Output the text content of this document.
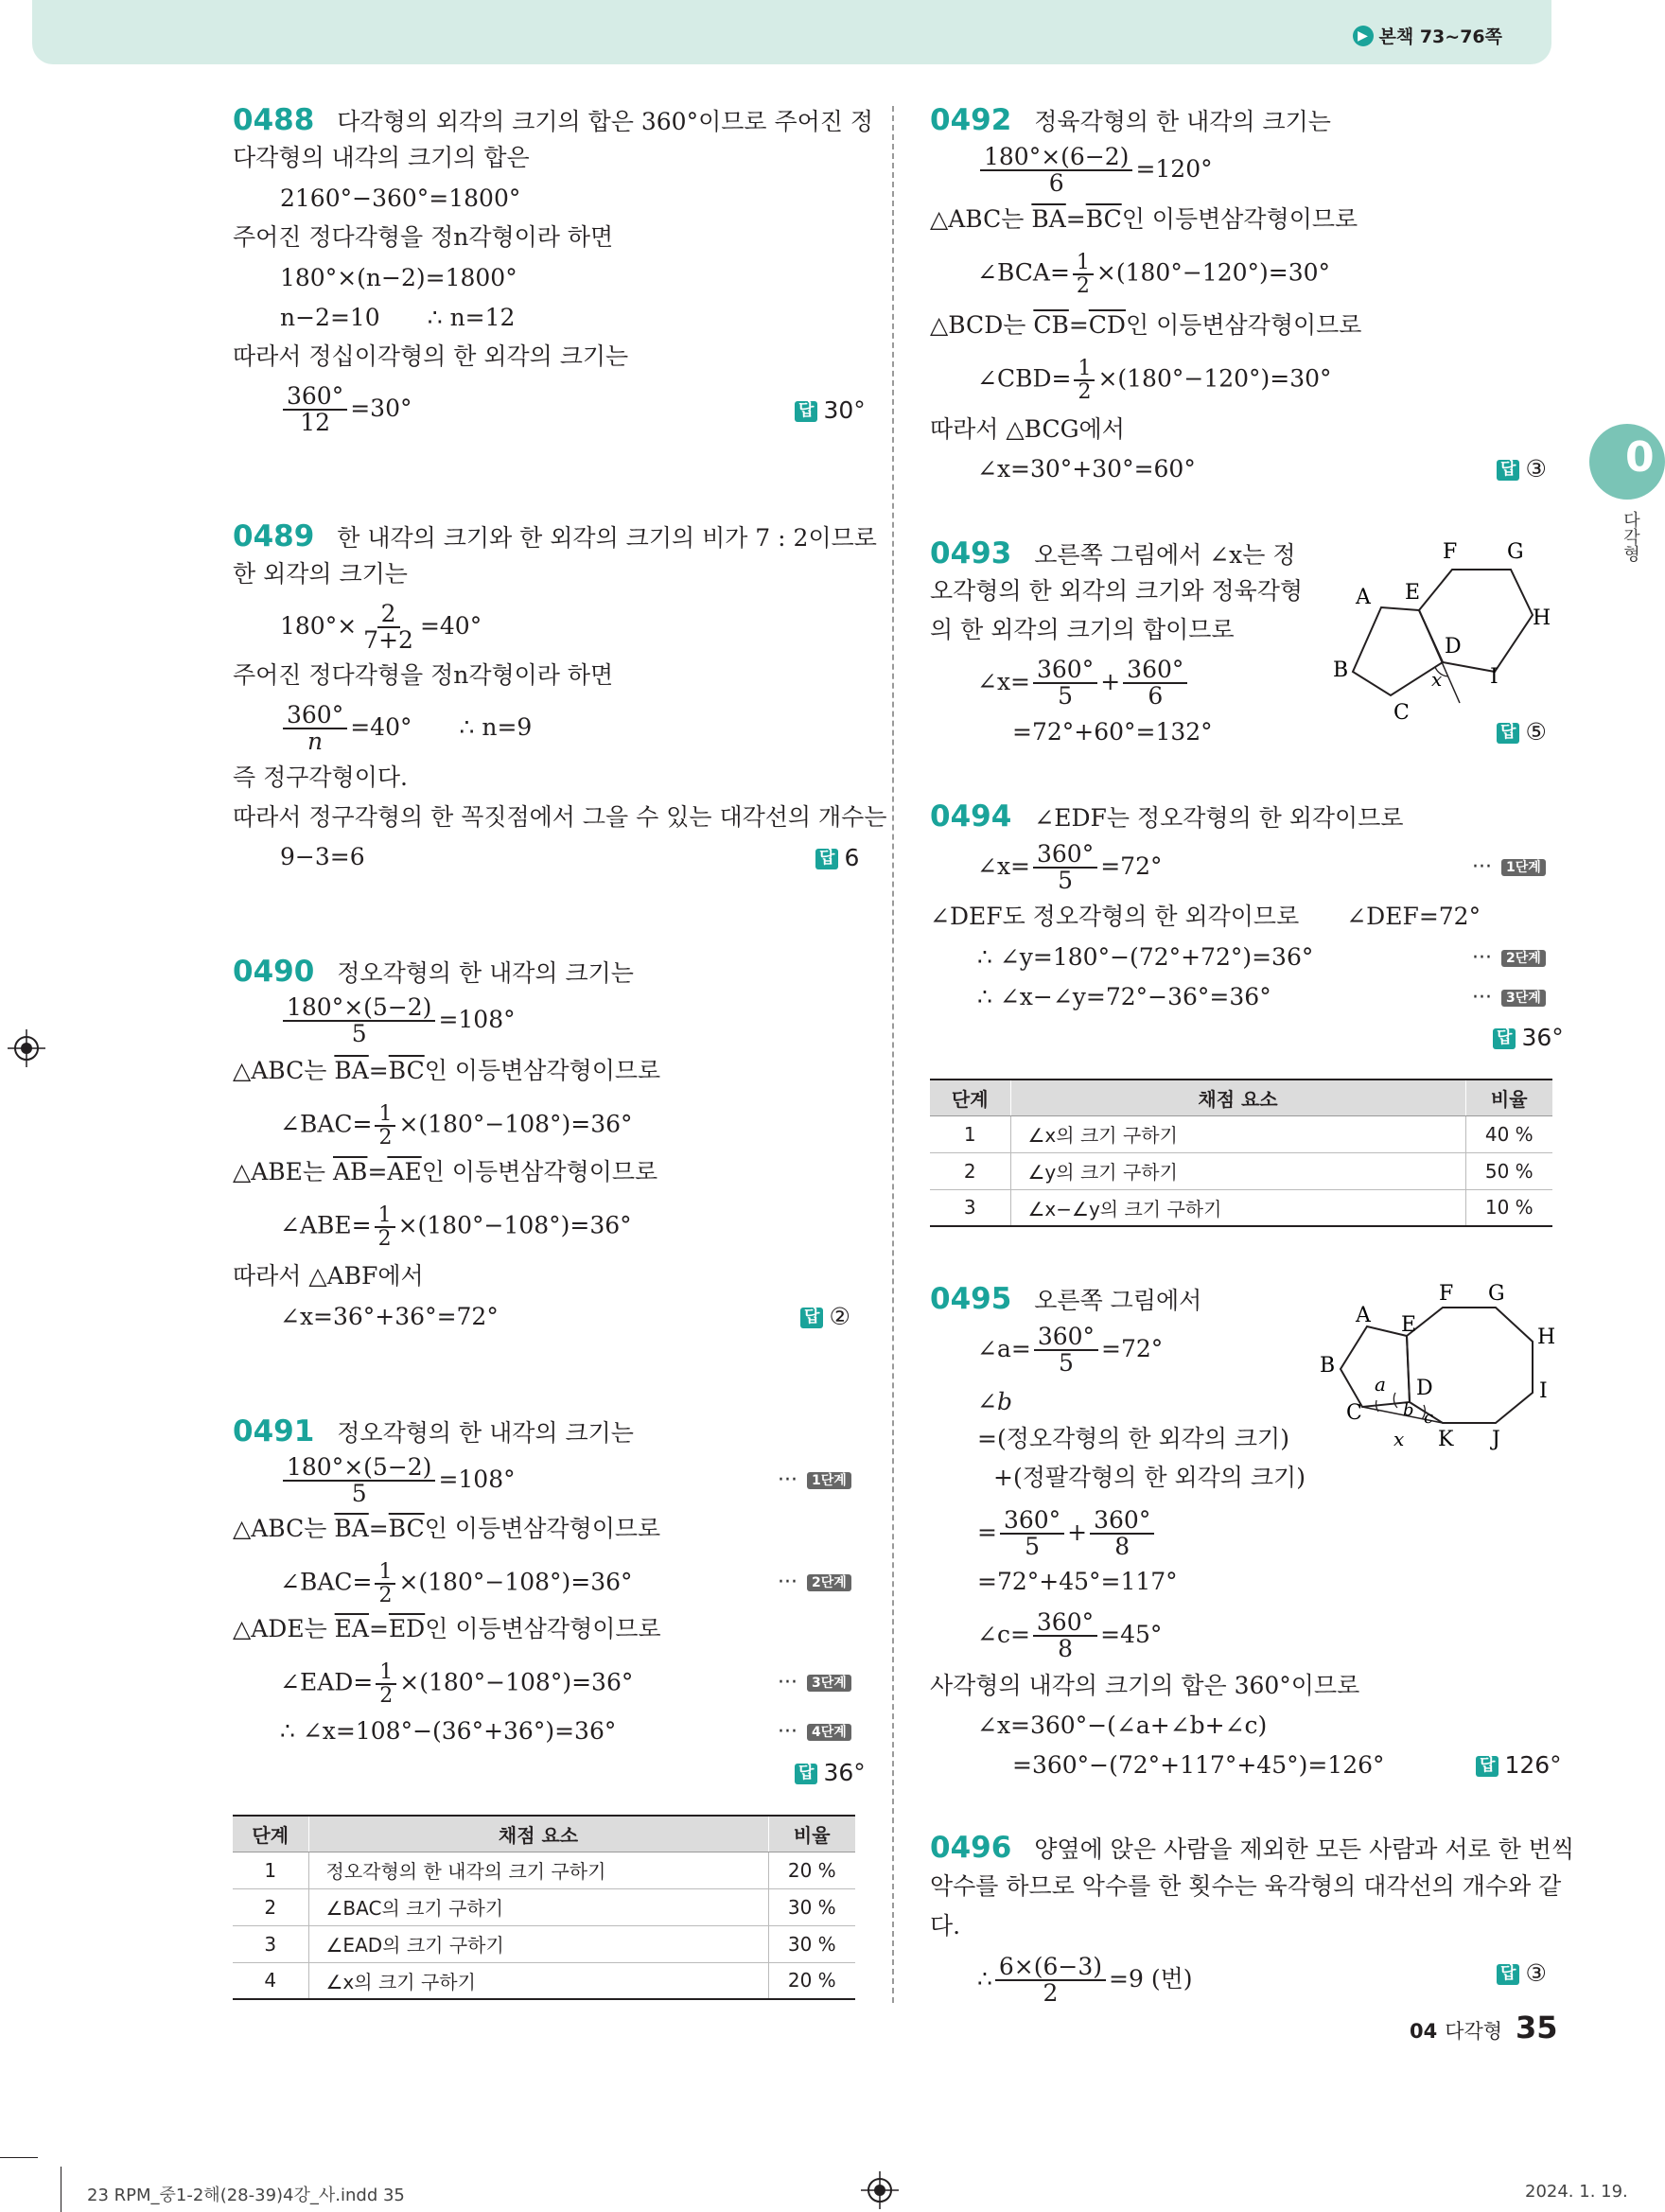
▶ 본책 73~76쪽
0
다각형
0488 다각형의 외각의 크기의 합은 360°이므로 주어진 정
다각형의 내각의 크기의 합은
2160°−360°=1800°
주어진 정다각형을 정n각형이라 하면
180°×(n−2)=1800°
n−2=10 ∴ n=12
따라서 정십이각형의 한 외각의 크기는
$\frac{360^\circ}{12} =30^\circ$	답 30°
0489 한 내각의 크기와 한 외각의 크기의 비가 7 : 2이므로
한 외각의 크기는
$180^\circ\times \frac{2}{7+2} =40^\circ$
주어진 정다각형을 정n각형이라 하면
$\frac{360^\circ}{n} =40^\circ$ ∴ n=9
즉 정구각형이다.
따라서 정구각형의 한 꼭짓점에서 그을 수 있는 대각선의 개수는
9−3=6	답 6
0490 정오각형의 한 내각의 크기는
$\frac{180^\circ\times(5-2)}{5} =108^\circ$
△ABC는 $\overline{BA}=\overline{BC}$인 이등변삼각형이므로
∠BAC= $\frac{1}{2} \times(180^\circ-108^\circ)=36^\circ$
△ABE는 $\overline{AB}=\overline{AE}$인 이등변삼각형이므로
∠ABE= $\frac{1}{2} \times(180^\circ-108^\circ)=36^\circ$
따라서 △ABF에서
∠x=36°+36°=72°	답 ②
0491 정오각형의 한 내각의 크기는
$\frac{180^\circ\times(5-2)}{5} =108^\circ$	··· 1단계
△ABC는 $\overline{BA}=\overline{BC}$인 이등변삼각형이므로
∠BAC= $\frac{1}{2} \times(180^\circ-108^\circ)=36^\circ$	··· 2단계
△ADE는 $\overline{EA}=\overline{ED}$인 이등변삼각형이므로
∠EAD= $\frac{1}{2} \times(180^\circ-108^\circ)=36^\circ$	··· 3단계
∴ ∠x=108°−(36°+36°)=36°	··· 4단계
답 36°
단계	채점 요소	비율
1	정오각형의 한 내각의 크기 구하기	20 %
2	∠BAC의 크기 구하기	30 %
3	∠EAD의 크기 구하기	30 %
4	∠x의 크기 구하기	20 %
0492 정육각형의 한 내각의 크기는
$\frac{180^\circ\times(6-2)}{6} =120^\circ$
△ABC는 $\overline{BA}=\overline{BC}$인 이등변삼각형이므로
∠BCA= $\frac{1}{2} \times(180^\circ-120^\circ)=30^\circ$
△BCD는 $\overline{CB}=\overline{CD}$인 이등변삼각형이므로
∠CBD= $\frac{1}{2} \times(180^\circ-120^\circ)=30^\circ$
따라서 △BCG에서
∠x=30°+30°=60°	답 ③
0493 오른쪽 그림에서 ∠x는 정
오각형의 한 외각의 크기와 정육각형
의 한 외각의 크기의 합이므로
∠x= $\frac{360^\circ}{5} + \frac{360^\circ}{6}$
=72°+60°=132°	답 ⑤
A
B
C
D
E
F G
H
I
x
0494 ∠EDF는 정오각형의 한 외각이므로
∠x= $\frac{360^\circ}{5} =72^\circ$	··· 1단계
∠DEF도 정오각형의 한 외각이므로 ∠DEF=72°
∴ ∠y=180°−(72°+72°)=36°	··· 2단계
∴ ∠x−∠y=72°−36°=36°	··· 3단계
답 36°
단계	채점 요소	비율
1	∠x의 크기 구하기	40 %
2	∠y의 크기 구하기	50 %
3	∠x−∠y의 크기 구하기	10 %
0495 오른쪽 그림에서
∠a= $\frac{360^\circ}{5} =72^\circ$
∠b
=(정오각형의 한 외각의 크기)
+(정팔각형의 한 외각의 크기)
= $\frac{360^\circ}{5} + \frac{360^\circ}{8}$
=72°+45°=117°
∠c= $\frac{360^\circ}{8} =45^\circ$
사각형의 내각의 크기의 합은 360°이므로
∠x=360°−(∠a+∠b+∠c)
=360°−(72°+117°+45°)=126°	답 126°
A
B
C
D
E
F G
H
I
J
K
a
b c
x
0496 양옆에 앉은 사람을 제외한 모든 사람과 서로 한 번씩
악수를 하므로 악수를 한 횟수는 육각형의 대각선의 개수와 같
다.
∴ $\frac{6\times(6-3)}{2} =9$ (번)	답 ③
04 다각형 35
23 RPM_중1-2해(28-39)4강_사.indd 35	2024. 1. 19.
